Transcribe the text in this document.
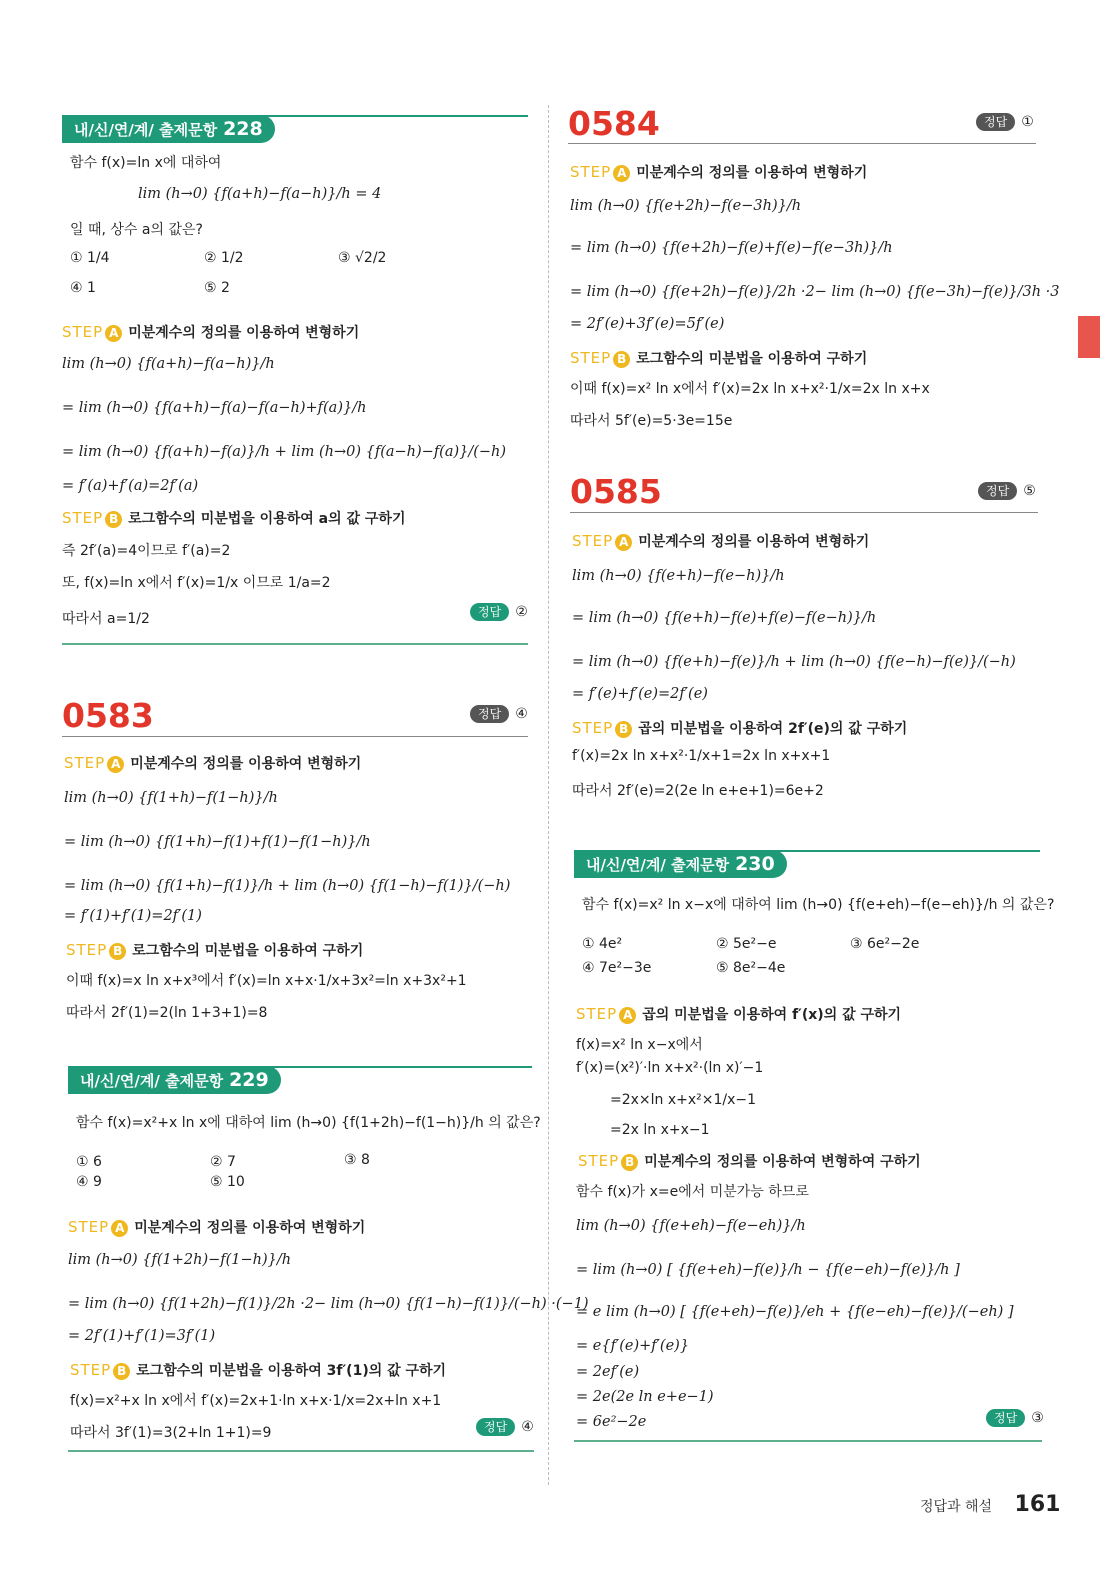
내/신/연/계/ 출제문항 228
함수 f(x)=ln x에 대하여
lim (h→0) {f(a+h)−f(a−h)}/h = 4
일 때, 상수 a의 값은?
① 1/4	② 1/2	③ √2/2
④ 1	⑤ 2
STEP A 미분계수의 정의를 이용하여 변형하기
lim (h→0) {f(a+h)−f(a−h)}/h
= lim (h→0) {f(a+h)−f(a)−f(a−h)+f(a)}/h
= lim (h→0) {f(a+h)−f(a)}/h + lim (h→0) {f(a−h)−f(a)}/(−h)
= f′(a)+f′(a)=2f′(a)
STEP B 로그함수의 미분법을 이용하여 a의 값 구하기
즉 2f′(a)=4이므로 f′(a)=2
또, f(x)=ln x에서 f′(x)=1/x 이므로 1/a=2
따라서 a=1/2	정답 ②
0583	정답 ④
STEP A 미분계수의 정의를 이용하여 변형하기
lim (h→0) {f(1+h)−f(1−h)}/h
= lim (h→0) {f(1+h)−f(1)+f(1)−f(1−h)}/h
= lim (h→0) {f(1+h)−f(1)}/h + lim (h→0) {f(1−h)−f(1)}/(−h)
= f′(1)+f′(1)=2f′(1)
STEP B 로그함수의 미분법을 이용하여 구하기
이때 f(x)=x ln x+x³에서 f′(x)=ln x+x·1/x+3x²=ln x+3x²+1
따라서 2f′(1)=2(ln 1+3+1)=8
내/신/연/계/ 출제문항 229
함수 f(x)=x²+x ln x에 대하여 lim (h→0) {f(1+2h)−f(1−h)}/h 의 값은?
① 6	② 7	③ 8
④ 9	⑤ 10
STEP A 미분계수의 정의를 이용하여 변형하기
lim (h→0) {f(1+2h)−f(1−h)}/h
= lim (h→0) {f(1+2h)−f(1)}/2h ·2− lim (h→0) {f(1−h)−f(1)}/(−h) ·(−1)
= 2f′(1)+f′(1)=3f′(1)
STEP B 로그함수의 미분법을 이용하여 3f′(1)의 값 구하기
f(x)=x²+x ln x에서 f′(x)=2x+1·ln x+x·1/x=2x+ln x+1
따라서 3f′(1)=3(2+ln 1+1)=9	정답 ④
0584	정답 ①
STEP A 미분계수의 정의를 이용하여 변형하기
lim (h→0) {f(e+2h)−f(e−3h)}/h
= lim (h→0) {f(e+2h)−f(e)+f(e)−f(e−3h)}/h
= lim (h→0) {f(e+2h)−f(e)}/2h ·2− lim (h→0) {f(e−3h)−f(e)}/3h ·3
= 2f′(e)+3f′(e)=5f′(e)
STEP B 로그함수의 미분법을 이용하여 구하기
이때 f(x)=x² ln x에서 f′(x)=2x ln x+x²·1/x=2x ln x+x
따라서 5f′(e)=5·3e=15e
0585	정답 ⑤
STEP A 미분계수의 정의를 이용하여 변형하기
lim (h→0) {f(e+h)−f(e−h)}/h
= lim (h→0) {f(e+h)−f(e)+f(e)−f(e−h)}/h
= lim (h→0) {f(e+h)−f(e)}/h + lim (h→0) {f(e−h)−f(e)}/(−h)
= f′(e)+f′(e)=2f′(e)
STEP B 곱의 미분법을 이용하여 2f′(e)의 값 구하기
f′(x)=2x ln x+x²·1/x+1=2x ln x+x+1
따라서 2f′(e)=2(2e ln e+e+1)=6e+2
내/신/연/계/ 출제문항 230
함수 f(x)=x² ln x−x에 대하여 lim (h→0) {f(e+eh)−f(e−eh)}/h 의 값은?
① 4e²	② 5e²−e	③ 6e²−2e
④ 7e²−3e	⑤ 8e²−4e
STEP A 곱의 미분법을 이용하여 f′(x)의 값 구하기
f(x)=x² ln x−x에서
f′(x)=(x²)′·ln x+x²·(ln x)′−1
=2x×ln x+x²×1/x−1
=2x ln x+x−1
STEP B 미분계수의 정의를 이용하여 변형하여 구하기
함수 f(x)가 x=e에서 미분가능 하므로
lim (h→0) {f(e+eh)−f(e−eh)}/h
= lim (h→0) [ {f(e+eh)−f(e)}/h − {f(e−eh)−f(e)}/h ]
= e lim (h→0) [ {f(e+eh)−f(e)}/eh + {f(e−eh)−f(e)}/(−eh) ]
= e{f′(e)+f′(e)}
= 2ef′(e)
= 2e(2e ln e+e−1)
= 6e²−2e	정답 ③
정답과 해설 161
